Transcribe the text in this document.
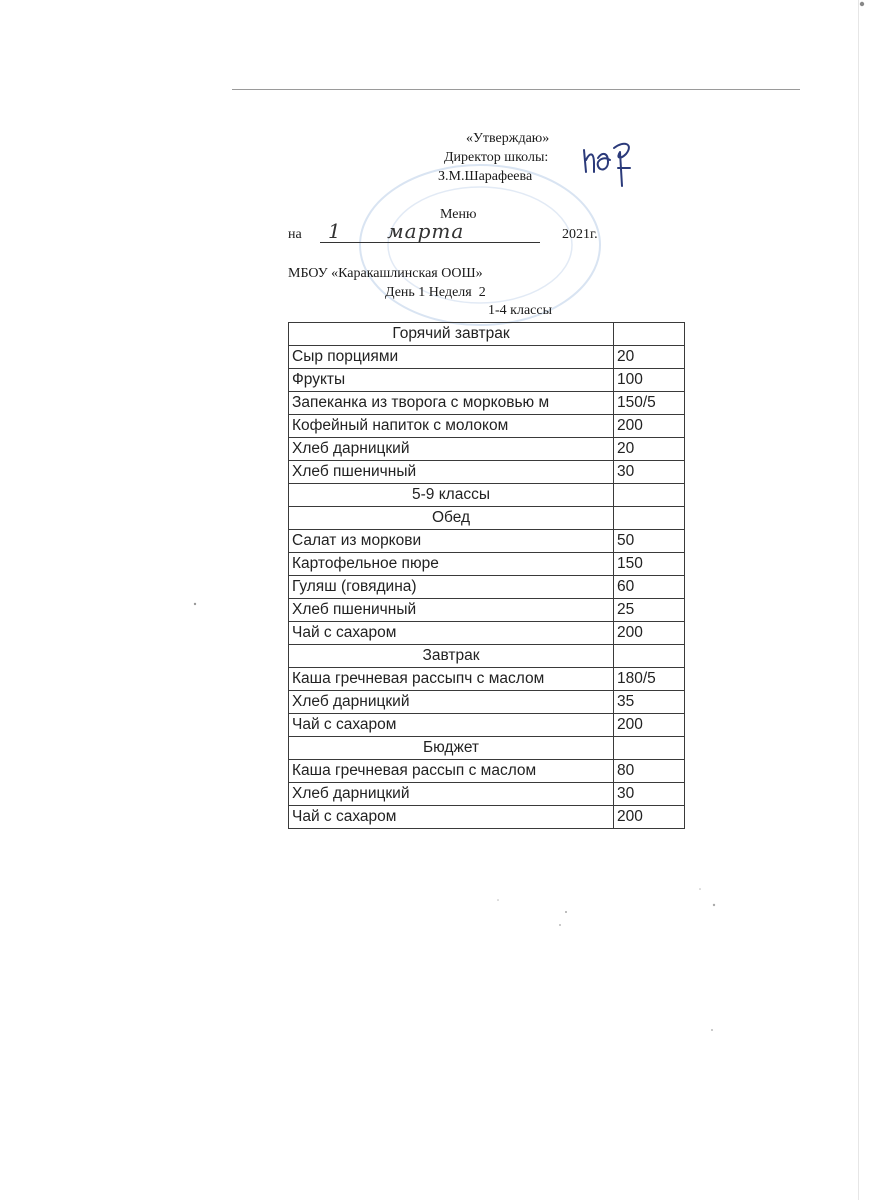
«Утверждаю»
Директор школы:
З.М.Шарафеева
Меню
на 1 марта	2021г.
МБОУ «Каракашлинская ООШ»
День 1 Неделя  2
1-4 классы
Горячий завтрак	
Сыр порциями	20
Фрукты	100
Запеканка из творога с морковью м	150/5
Кофейный напиток с молоком	200
Хлеб дарницкий	20
Хлеб пшеничный	30
5-9 классы	
Обед	
Салат из моркови	50
Картофельное пюре	150
Гуляш (говядина)	60
Хлеб пшеничный	25
Чай с сахаром	200
Завтрак	
Каша гречневая рассыпч с маслом	180/5
Хлеб дарницкий	35
Чай с сахаром	200
Бюджет	
Каша гречневая рассып с маслом	80
Хлеб дарницкий	30
Чай с сахаром	200
